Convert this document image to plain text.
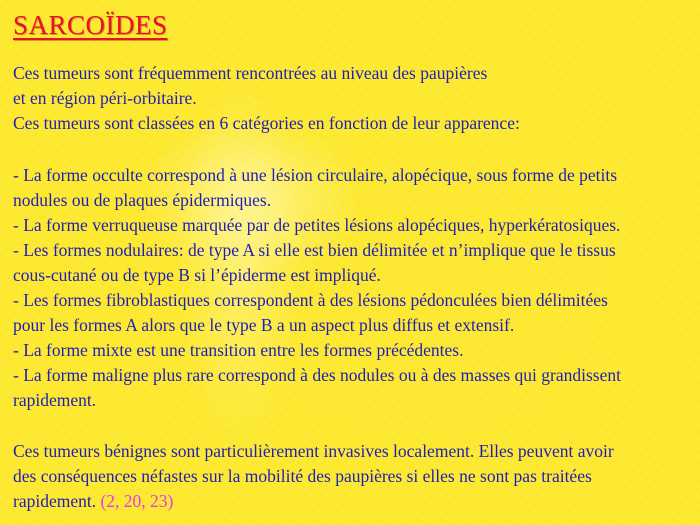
SARCOÏDES

Ces tumeurs sont fréquemment rencontrées au niveau des paupières

et en région péri-orbitaire.

Ces tumeurs sont classées en 6 catégories en fonction de leur apparence:

- La forme occulte correspond à une lésion circulaire, alopécique, sous forme de petits

nodules ou de plaques épidermiques.

- La forme verruqueuse marquée par de petites lésions alopéciques, hyperkératosiques.

- Les formes nodulaires: de type A si elle est bien délimitée et n’implique que le tissus

cous-cutané ou de type B si l’épiderme est impliqué.

- Les formes fibroblastiques correspondent à des lésions pédonculées bien délimitées

pour les formes A alors que le type B a un aspect plus diffus et extensif.

- La forme mixte est une transition entre les formes précédentes.

- La forme maligne plus rare correspond à des nodules ou à des masses qui grandissent

rapidement.

Ces tumeurs bénignes sont particulièrement invasives localement. Elles peuvent avoir

des conséquences néfastes sur la mobilité des paupières si elles ne sont pas traitées

rapidement. (2, 20, 23)
